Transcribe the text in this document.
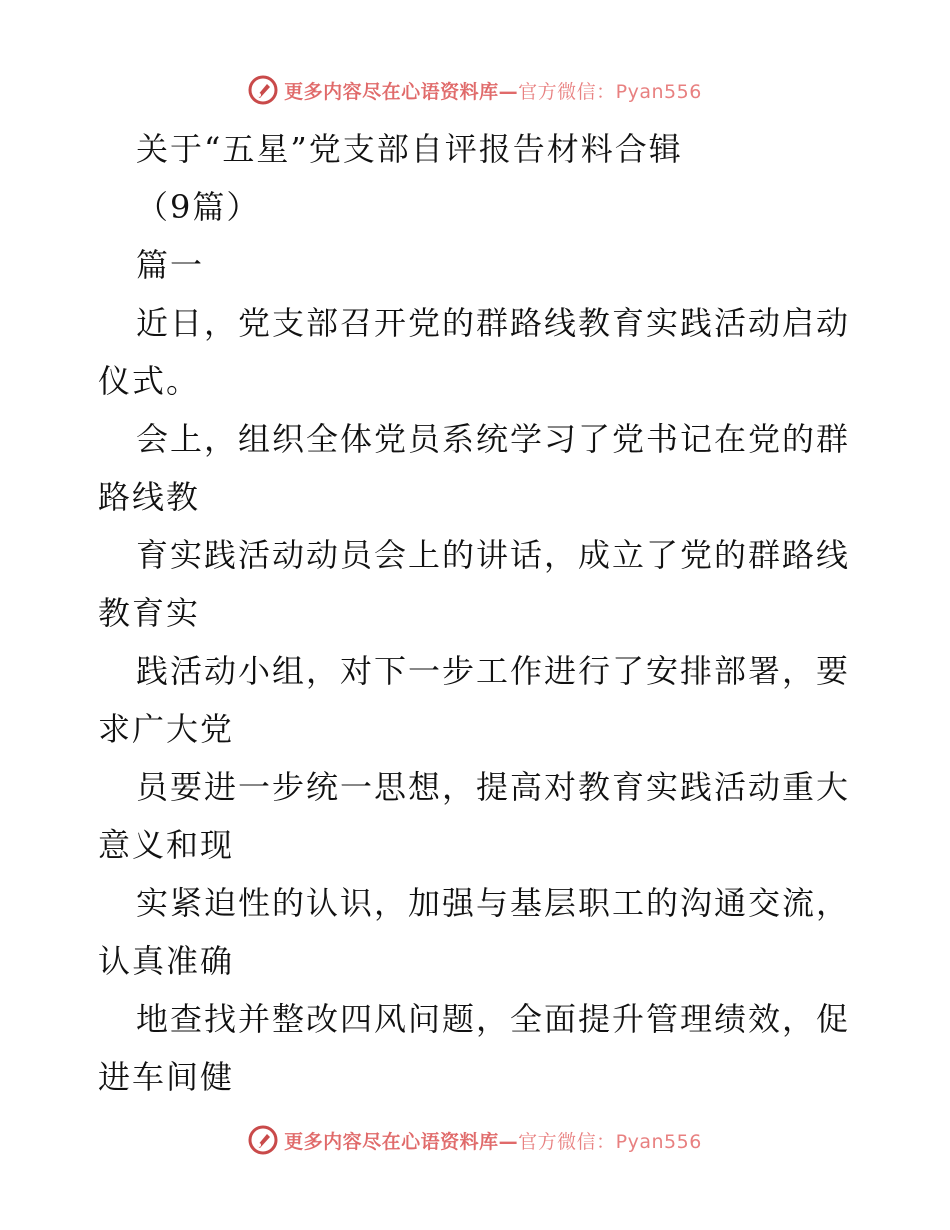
更多内容尽在心语资料库—官方微信：Pyan556
关于“五星”党支部自评报告材料合辑
（9篇）
篇一
近日，党支部召开党的群路线教育实践活动启动
仪式。
会上，组织全体党员系统学习了党书记在党的群
路线教
育实践活动动员会上的讲话，成立了党的群路线
教育实
践活动小组，对下一步工作进行了安排部署，要
求广大党
员要进一步统一思想，提高对教育实践活动重大
意义和现
实紧迫性的认识，加强与基层职工的沟通交流，
认真准确
地查找并整改四风问题，全面提升管理绩效，促
进车间健
更多内容尽在心语资料库—官方微信：Pyan556
